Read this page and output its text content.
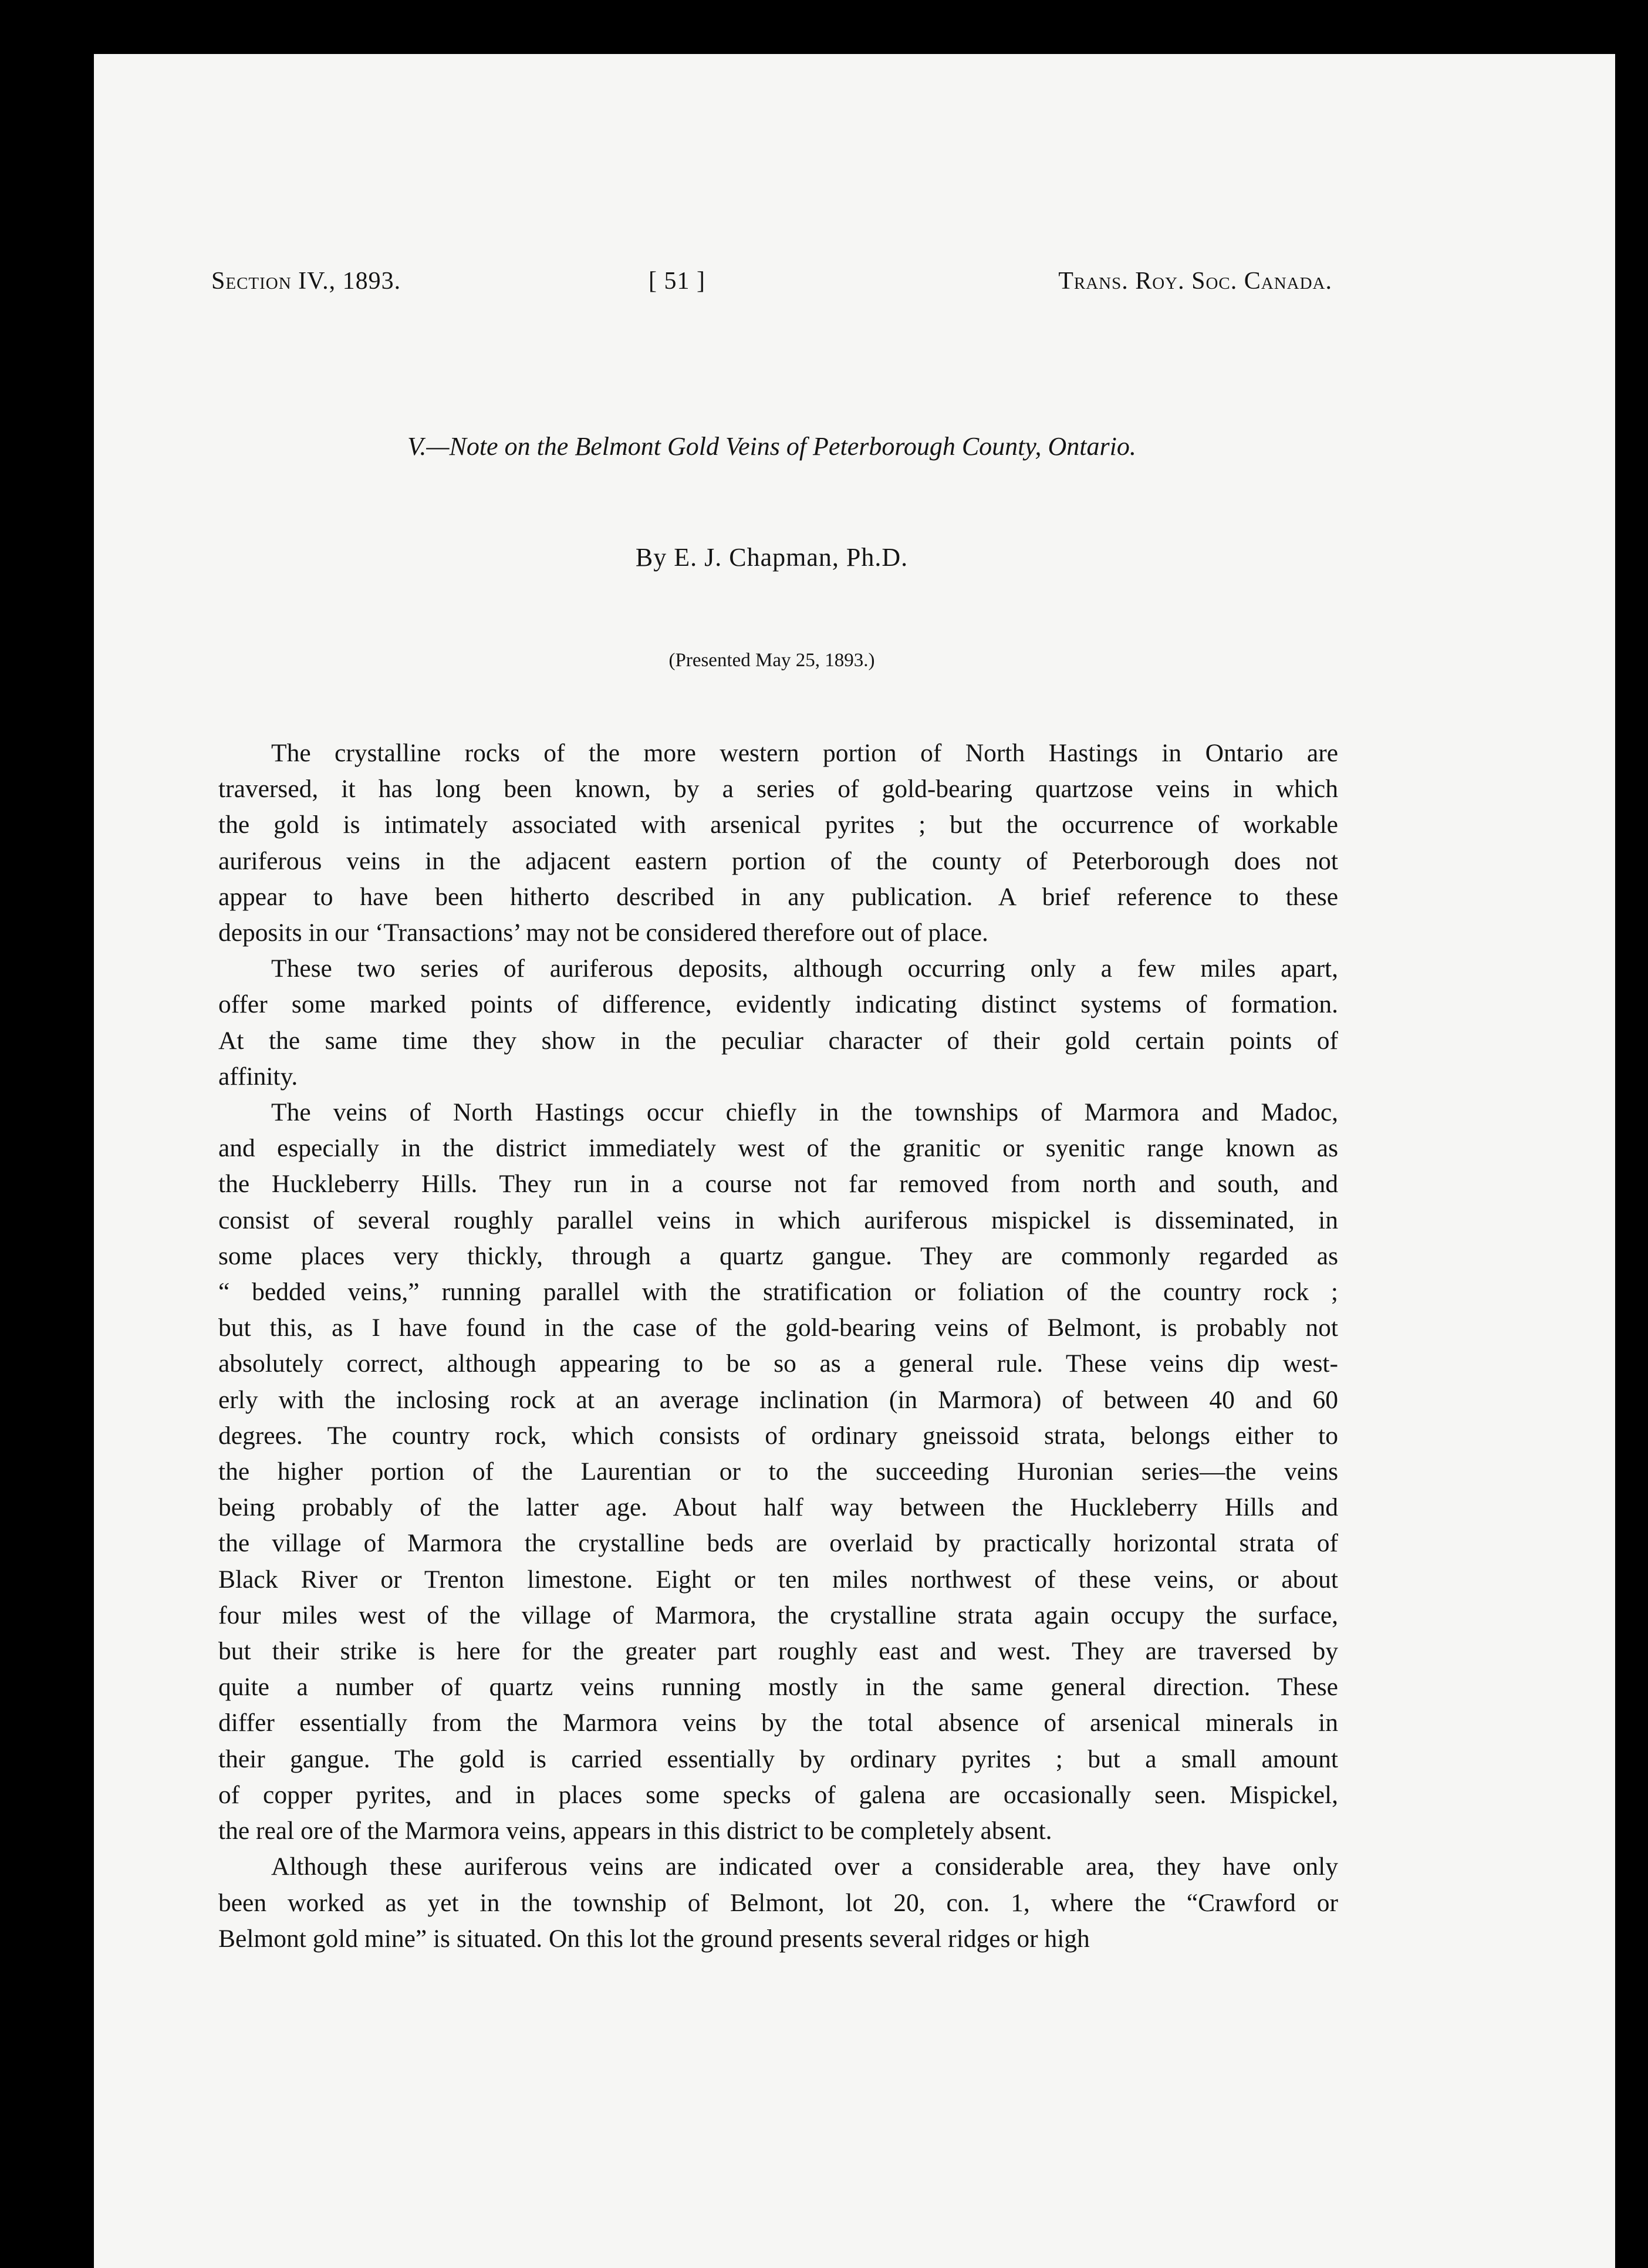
Section IV., 1893.	[ 51 ]	Trans. Roy. Soc. Canada.
V.—Note on the Belmont Gold Veins of Peterborough County, Ontario.
By E. J. Chapman, Ph.D.
(Presented May 25, 1893.)

The crystalline rocks of the more western portion of North Hastings in Ontario are
traversed, it has long been known, by a series of gold-bearing quartzose veins in which
the gold is intimately associated with arsenical pyrites ; but the occurrence of workable
auriferous veins in the adjacent eastern portion of the county of Peterborough does not
appear to have been hitherto described in any publication. A brief reference to these
deposits in our ‘Transactions’ may not be considered therefore out of place.

These two series of auriferous deposits, although occurring only a few miles apart,
offer some marked points of difference, evidently indicating distinct systems of formation.
At the same time they show in the peculiar character of their gold certain points of
affinity.

The veins of North Hastings occur chiefly in the townships of Marmora and Madoc,
and especially in the district immediately west of the granitic or syenitic range known as
the Huckleberry Hills. They run in a course not far removed from north and south, and
consist of several roughly parallel veins in which auriferous mispickel is disseminated, in
some places very thickly, through a quartz gangue. They are commonly regarded as
“ bedded veins,” running parallel with the stratification or foliation of the country rock ;
but this, as I have found in the case of the gold-bearing veins of Belmont, is probably not
absolutely correct, although appearing to be so as a general rule. These veins dip west-
erly with the inclosing rock at an average inclination (in Marmora) of between 40 and 60
degrees. The country rock, which consists of ordinary gneissoid strata, belongs either to
the higher portion of the Laurentian or to the succeeding Huronian series—the veins
being probably of the latter age. About half way between the Huckleberry Hills and
the village of Marmora the crystalline beds are overlaid by practically horizontal strata of
Black River or Trenton limestone. Eight or ten miles northwest of these veins, or about
four miles west of the village of Marmora, the crystalline strata again occupy the surface,
but their strike is here for the greater part roughly east and west. They are traversed by
quite a number of quartz veins running mostly in the same general direction. These
differ essentially from the Marmora veins by the total absence of arsenical minerals in
their gangue. The gold is carried essentially by ordinary pyrites ; but a small amount
of copper pyrites, and in places some specks of galena are occasionally seen. Mispickel,
the real ore of the Marmora veins, appears in this district to be completely absent.

Although these auriferous veins are indicated over a considerable area, they have only
been worked as yet in the township of Belmont, lot 20, con. 1, where the “Crawford or
Belmont gold mine” is situated. On this lot the ground presents several ridges or high
